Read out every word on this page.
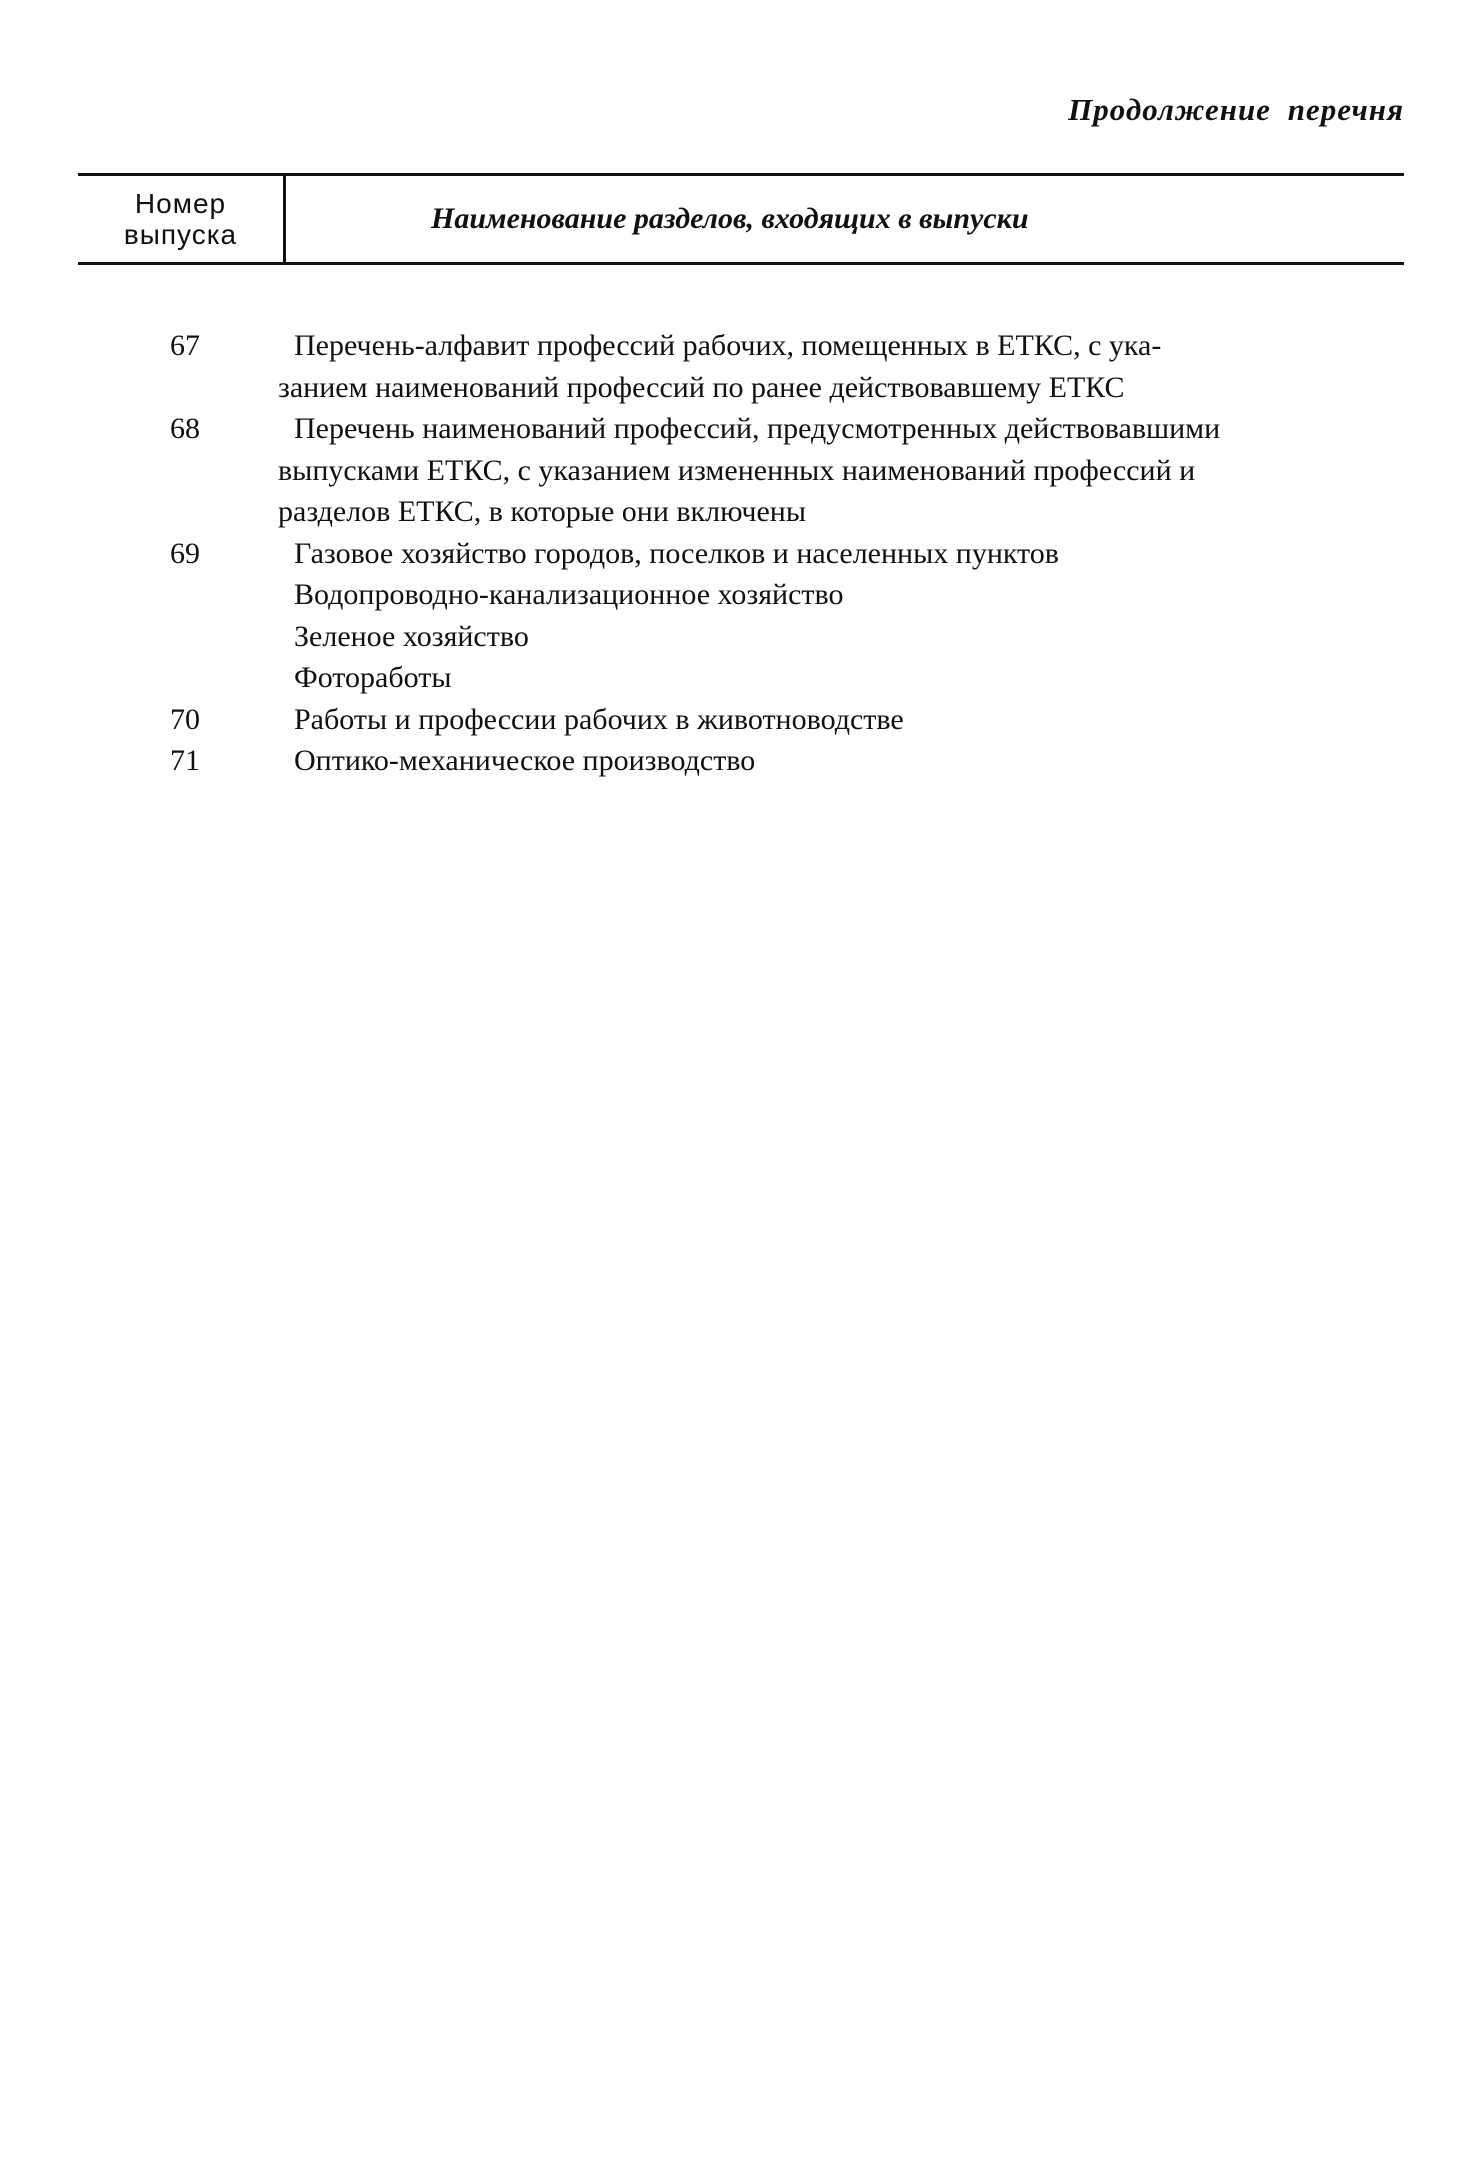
Продолжение перечня
Номер
выпуска	Наименование разделов, входящих в выпуски
67	Перечень-алфавит профессий рабочих, помещенных в ЕТКС, с ука-
занием наименований профессий по ранее действовавшему ЕТКС
68	Перечень наименований профессий, предусмотренных действовавшими
выпусками ЕТКС, с указанием измененных наименований профессий и
разделов ЕТКС, в которые они включены
69	Газовое хозяйство городов, поселков и населенных пунктов
Водопроводно-канализационное хозяйство
Зеленое хозяйство
Фотоработы
70	Работы и профессии рабочих в животноводстве
71	Оптико-механическое производство
